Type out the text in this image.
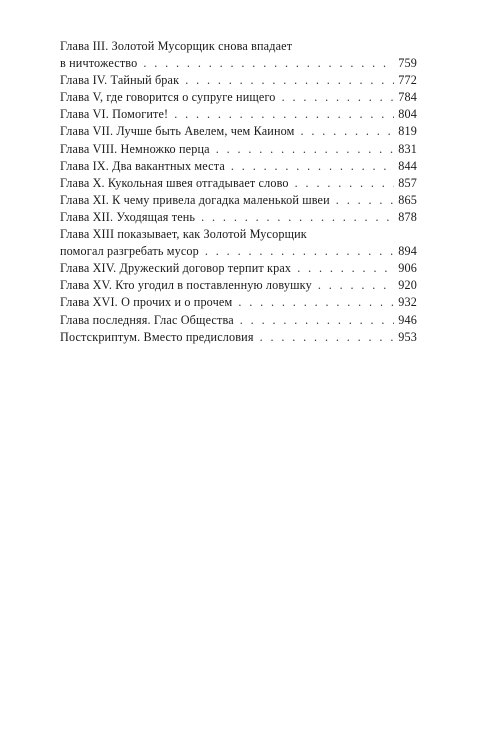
Глава III. Золотой Мусорщик снова впадает
в ничтожество . . .	759
Глава IV. Тайный брак . . .	772
Глава V, где говорится о супруге нищего . . .	784
Глава VI. Помогите! . . .	804
Глава VII. Лучше быть Авелем, чем Каином . . .	819
Глава VIII. Немножко перца . . .	831
Глава IX. Два вакантных места . . .	844
Глава X. Кукольная швея отгадывает слово . . .	857
Глава XI. К чему привела догадка маленькой швеи . . .	865
Глава XII. Уходящая тень . . .	878
Глава XIII показывает, как Золотой Мусорщик
помогал разгребать мусор . . .	894
Глава XIV. Дружеский договор терпит крах . . .	906
Глава XV. Кто угодил в поставленную ловушку . . .	920
Глава XVI. О прочих и о прочем . . .	932
Глава последняя. Глас Общества . . .	946
Постскриптум. Вместо предисловия . . .	953
